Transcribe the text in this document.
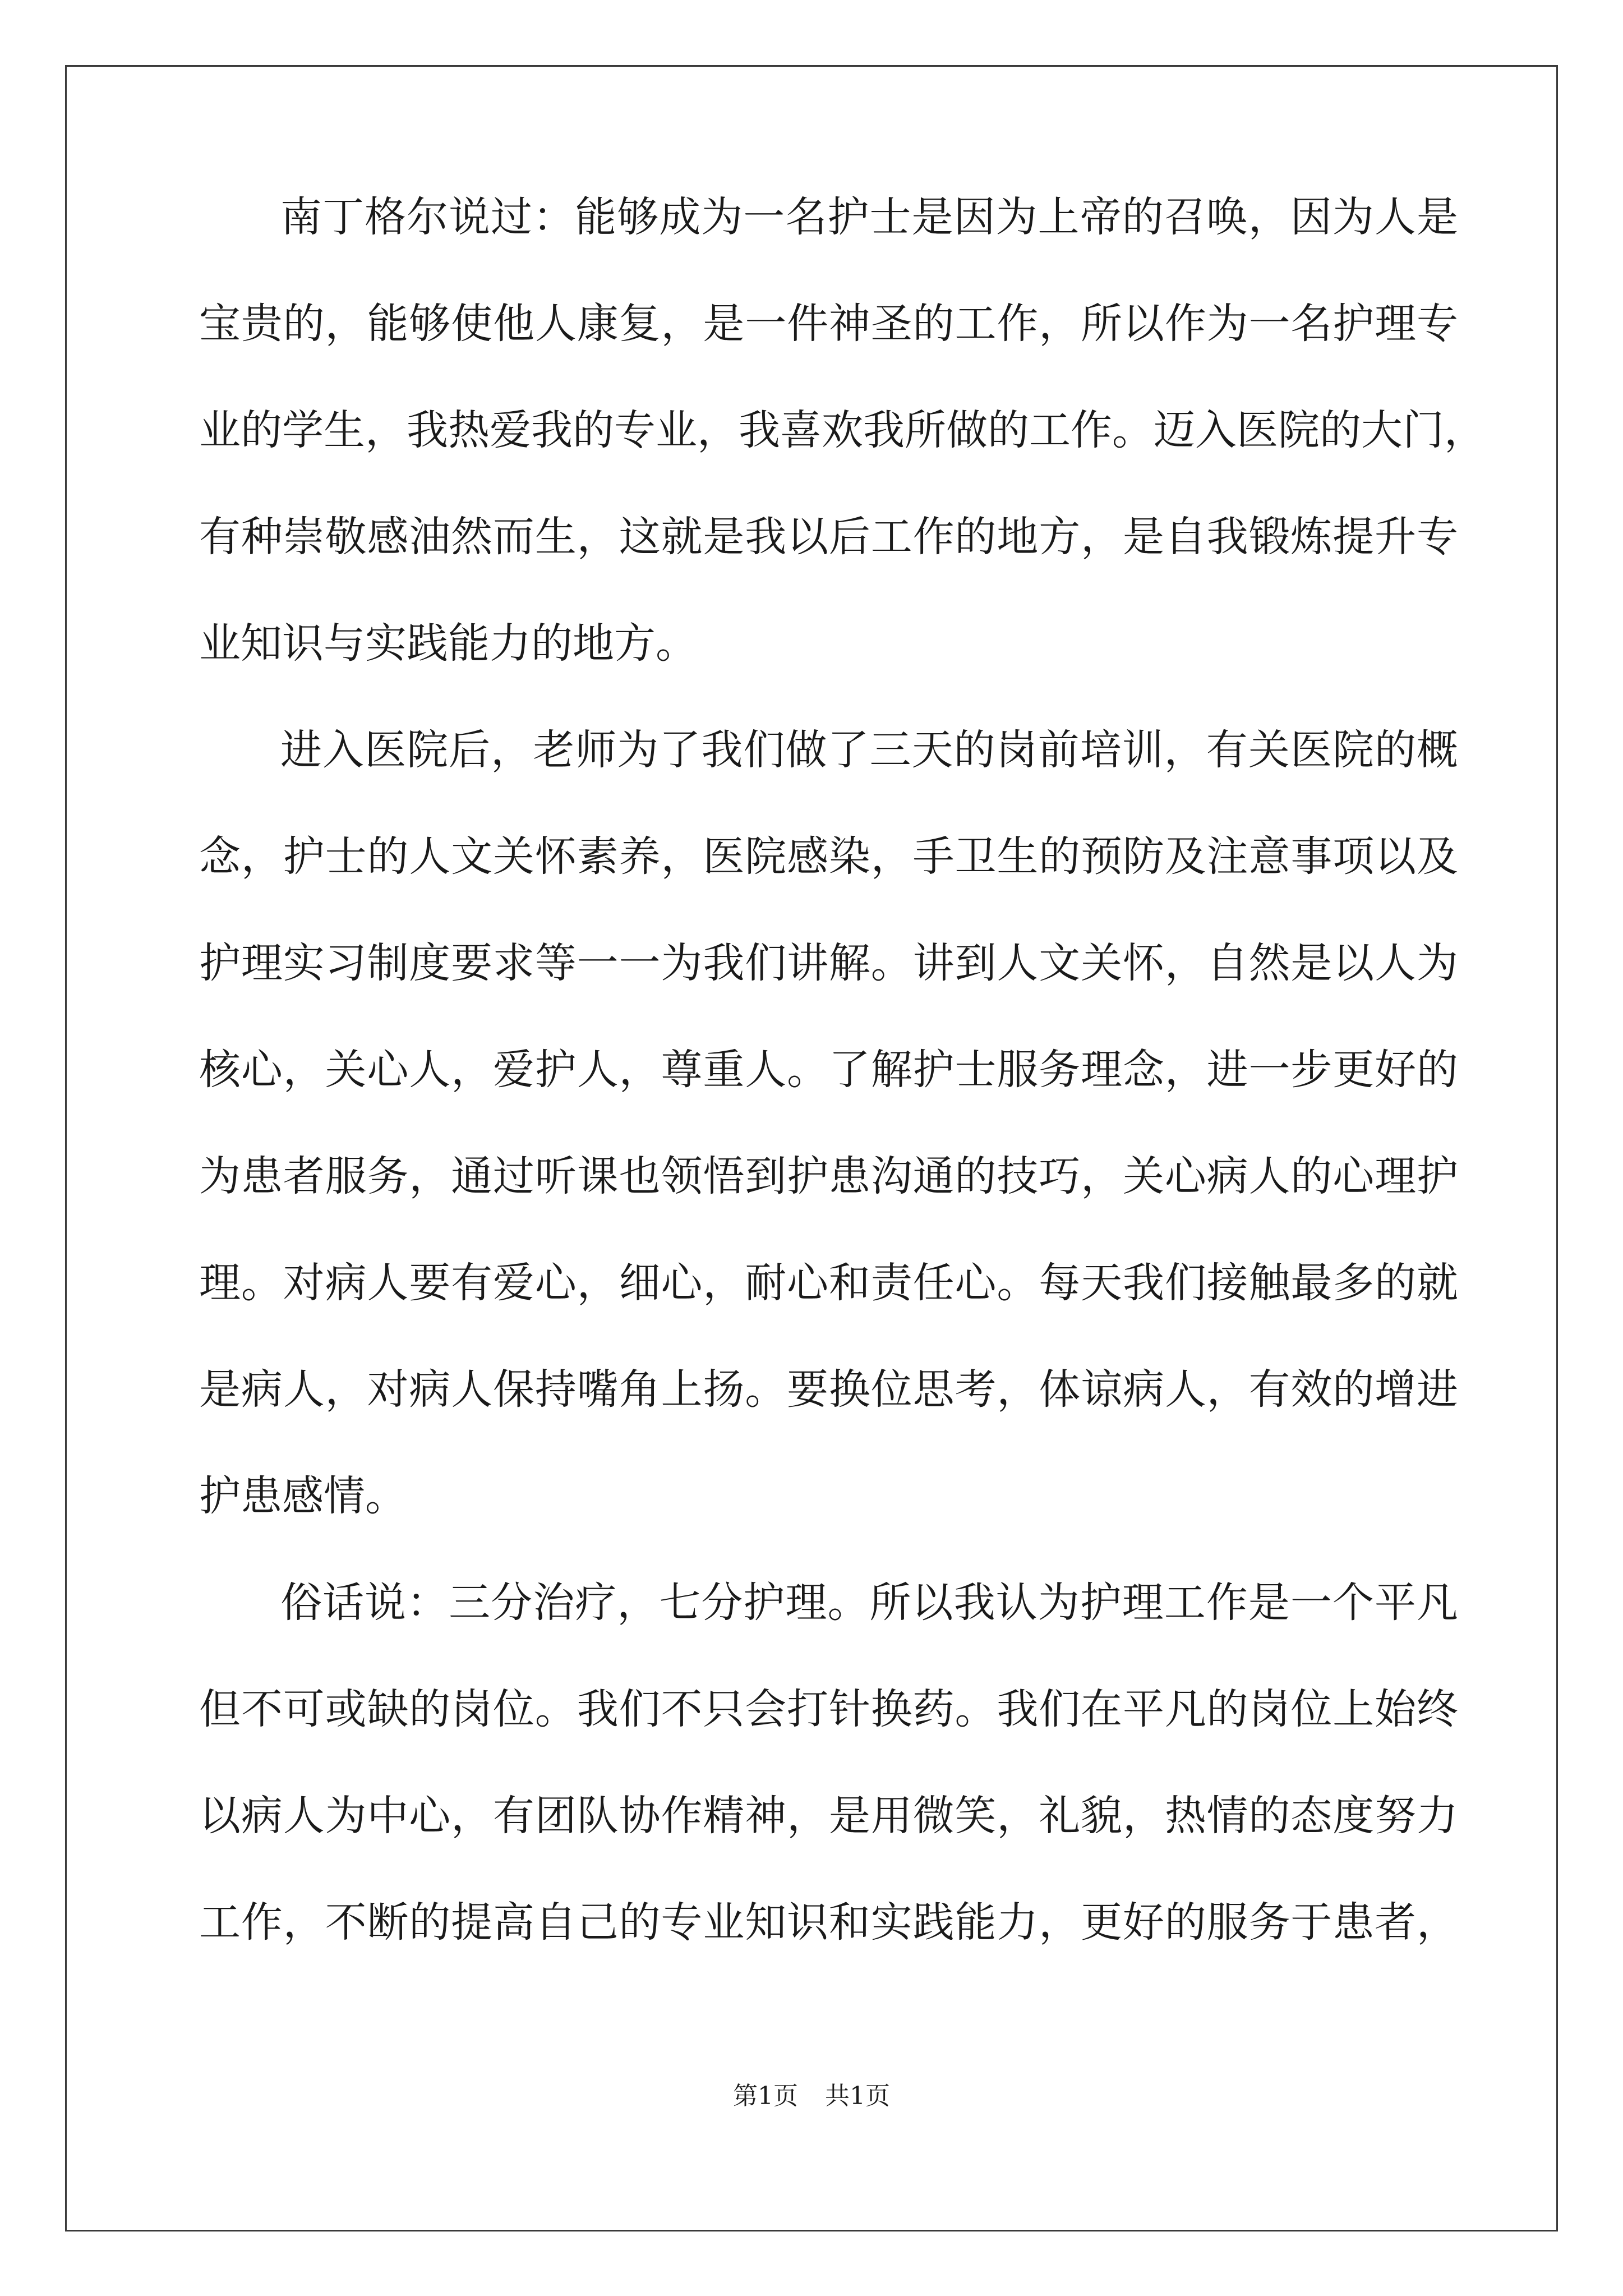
南丁格尔说过：能够成为一名护士是因为上帝的召唤，因为人是
宝贵的，能够使他人康复，是一件神圣的工作，所以作为一名护理专
业的学生，我热爱我的专业，我喜欢我所做的工作。迈入医院的大门，
有种崇敬感油然而生，这就是我以后工作的地方，是自我锻炼提升专
业知识与实践能力的地方。
进入医院后，老师为了我们做了三天的岗前培训，有关医院的概
念，护士的人文关怀素养，医院感染，手卫生的预防及注意事项以及
护理实习制度要求等一一为我们讲解。讲到人文关怀，自然是以人为
核心，关心人，爱护人，尊重人。了解护士服务理念，进一步更好的
为患者服务，通过听课也领悟到护患沟通的技巧，关心病人的心理护
理。对病人要有爱心，细心，耐心和责任心。每天我们接触最多的就
是病人，对病人保持嘴角上扬。要换位思考，体谅病人，有效的增进
护患感情。
俗话说：三分治疗，七分护理。所以我认为护理工作是一个平凡
但不可或缺的岗位。我们不只会打针换药。我们在平凡的岗位上始终
以病人为中心，有团队协作精神，是用微笑，礼貌，热情的态度努力
工作，不断的提高自己的专业知识和实践能力，更好的服务于患者，
第1页 共1页
